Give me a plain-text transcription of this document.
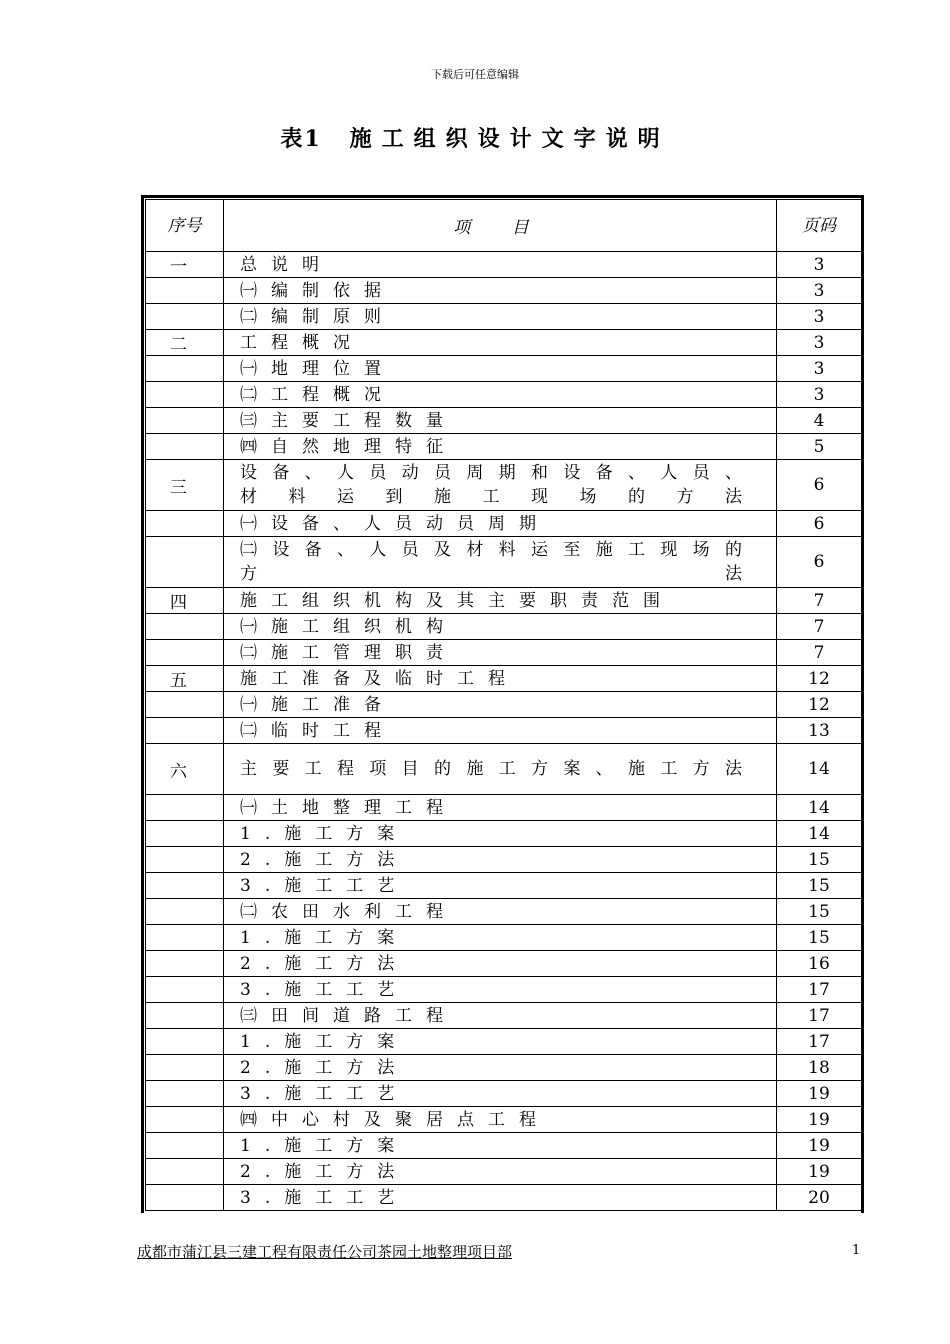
下载后可任意编辑
表1 施工组织设计文字说明
序号	项 目	页码
一	总说明	3
	㈠编制依据	3
	㈡编制原则	3
二	工程概况	3
	㈠地理位置	3
	㈡工程概况	3
	㈢主要工程数量	4
	㈣自然地理特征	5
三	设备、人员动员周期和设备、人员、材料运到施工现场的方法	6
	㈠设备、人员动员周期	6
	㈡设备、人员及材料运至施工现场的方法	6
四	施工组织机构及其主要职责范围	7
	㈠施工组织机构	7
	㈡施工管理职责	7
五	施工准备及临时工程	12
	㈠施工准备	12
	㈡临时工程	13
六	主要工程项目的施工方案、施工方法	14
	㈠土地整理工程	14
	1.施工方案	14
	2.施工方法	15
	3.施工工艺	15
	㈡农田水利工程	15
	1.施工方案	15
	2.施工方法	16
	3.施工工艺	17
	㈢田间道路工程	17
	1.施工方案	17
	2.施工方法	18
	3.施工工艺	19
	㈣中心村及聚居点工程	19
	1.施工方案	19
	2.施工方法	19
	3.施工工艺	20
成都市蒲江县三建工程有限责任公司茶园土地整理项目部	1
